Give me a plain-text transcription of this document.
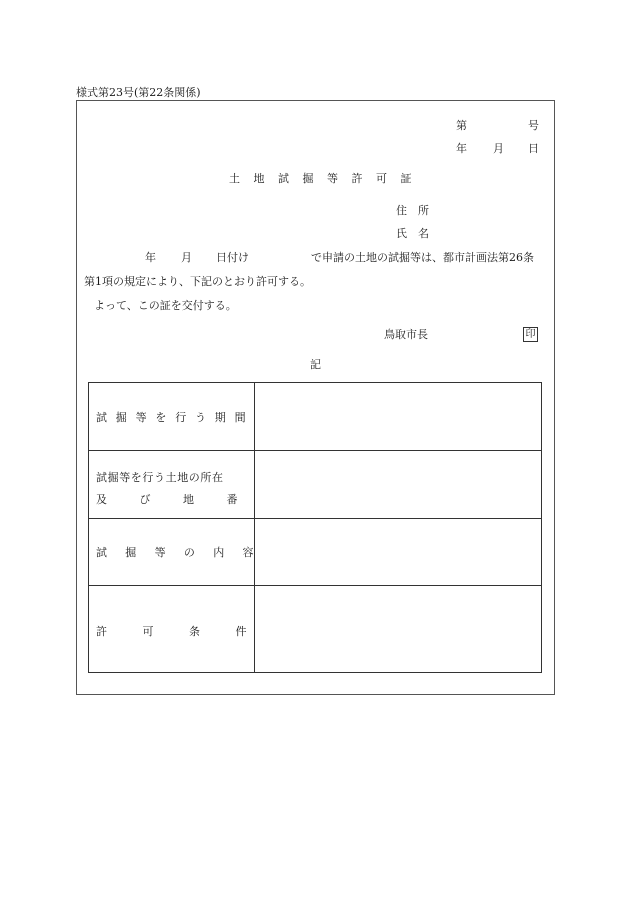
様式第23号(第22条関係)
第	号
年 月 日
土地試掘等許可証
住所
氏名
年 月 日付け	で申請の土地の試掘等は、都市計画法第26条
第1項の規定により、下記のとおり許可する。
よって、この証を交付する。
鳥取市長	印
記
試掘等を行う期間
試掘等を行う土地の所在
及び地番
試掘等の内容
許可条件
